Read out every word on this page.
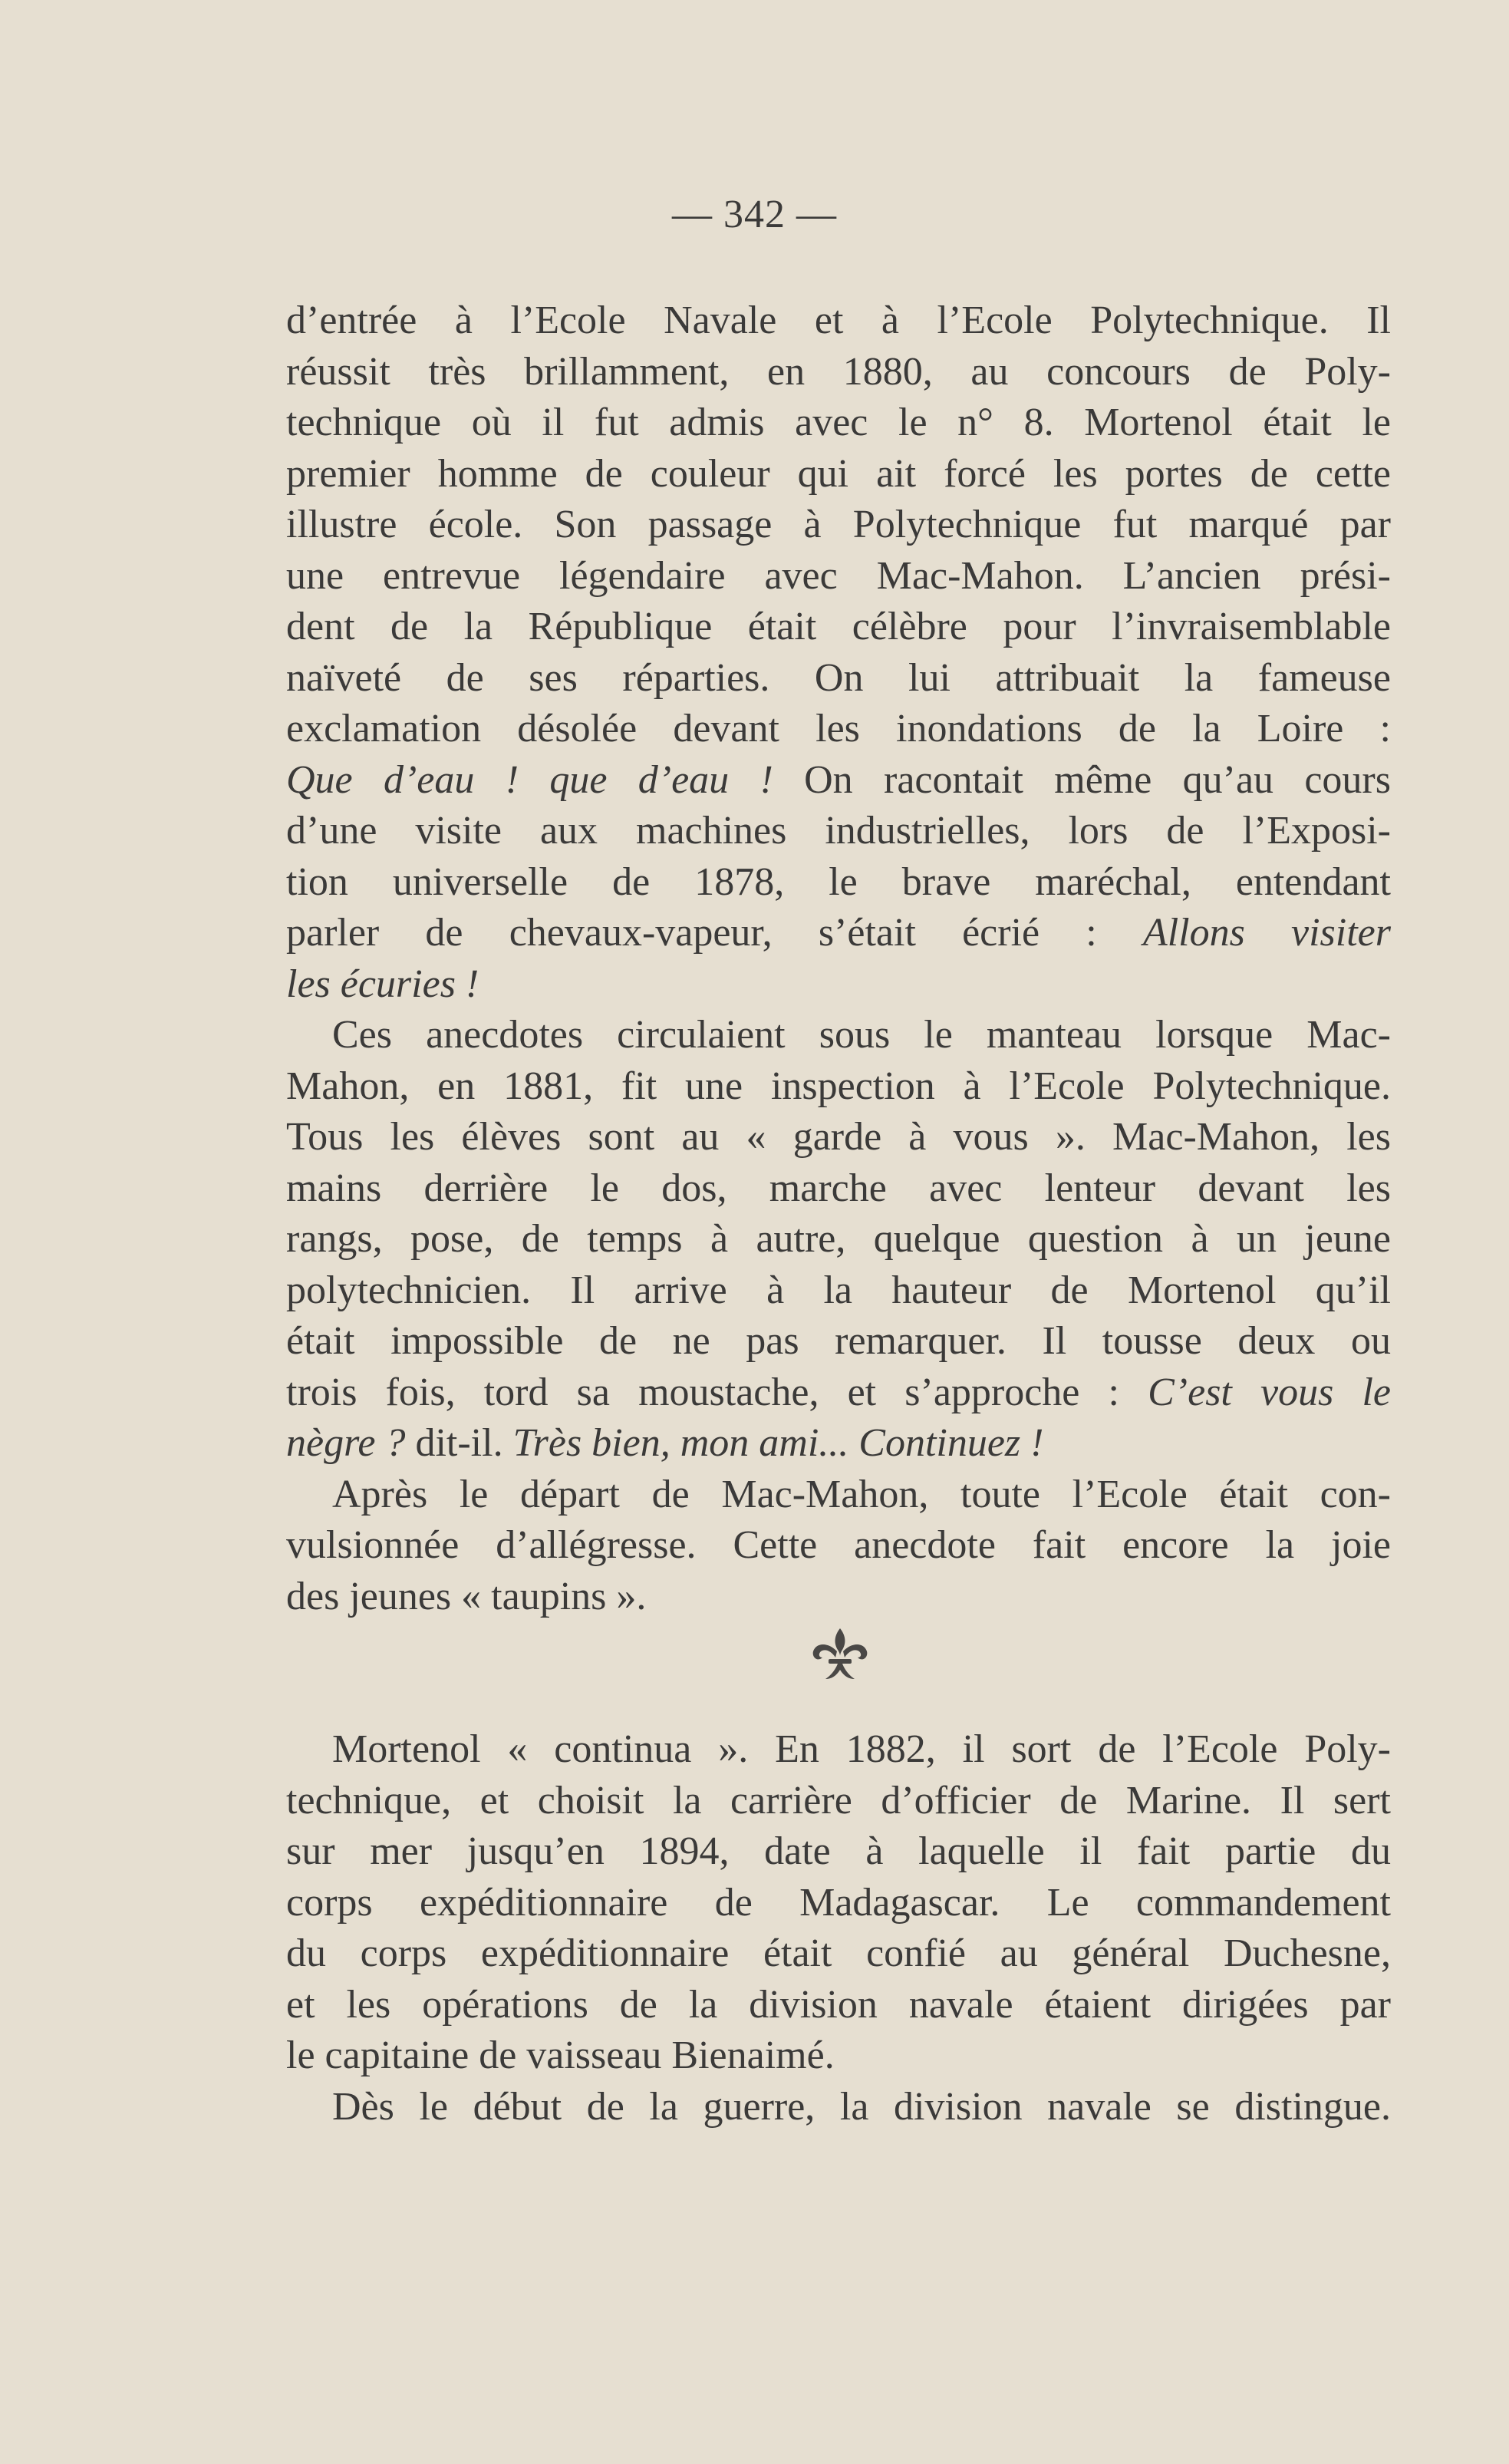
— 342 —
d’entrée à l’Ecole Navale et à l’Ecole Polytechnique. Il
réussit très brillamment, en 1880, au concours de Poly-
technique où il fut admis avec le n° 8. Mortenol était le
premier homme de couleur qui ait forcé les portes de cette
illustre école. Son passage à Polytechnique fut marqué par
une entrevue légendaire avec Mac-Mahon. L’ancien prési-
dent de la République était célèbre pour l’invraisemblable
naïveté de ses réparties. On lui attribuait la fameuse
exclamation désolée devant les inondations de la Loire :
Que d’eau ! que d’eau ! On racontait même qu’au cours
d’une visite aux machines industrielles, lors de l’Exposi-
tion universelle de 1878, le brave maréchal, entendant
parler de chevaux-vapeur, s’était écrié : Allons visiter
les écuries !
Ces anecdotes circulaient sous le manteau lorsque Mac-
Mahon, en 1881, fit une inspection à l’Ecole Polytechnique.
Tous les élèves sont au « garde à vous ». Mac-Mahon, les
mains derrière le dos, marche avec lenteur devant les
rangs, pose, de temps à autre, quelque question à un jeune
polytechnicien. Il arrive à la hauteur de Mortenol qu’il
était impossible de ne pas remarquer. Il tousse deux ou
trois fois, tord sa moustache, et s’approche : C’est vous le
nègre ? dit-il. Très bien, mon ami... Continuez !
Après le départ de Mac-Mahon, toute l’Ecole était con-
vulsionnée d’allégresse. Cette anecdote fait encore la joie
des jeunes « taupins ».
Mortenol « continua ». En 1882, il sort de l’Ecole Poly-
technique, et choisit la carrière d’officier de Marine. Il sert
sur mer jusqu’en 1894, date à laquelle il fait partie du
corps expéditionnaire de Madagascar. Le commandement
du corps expéditionnaire était confié au général Duchesne,
et les opérations de la division navale étaient dirigées par
le capitaine de vaisseau Bienaimé.
Dès le début de la guerre, la division navale se distingue.
